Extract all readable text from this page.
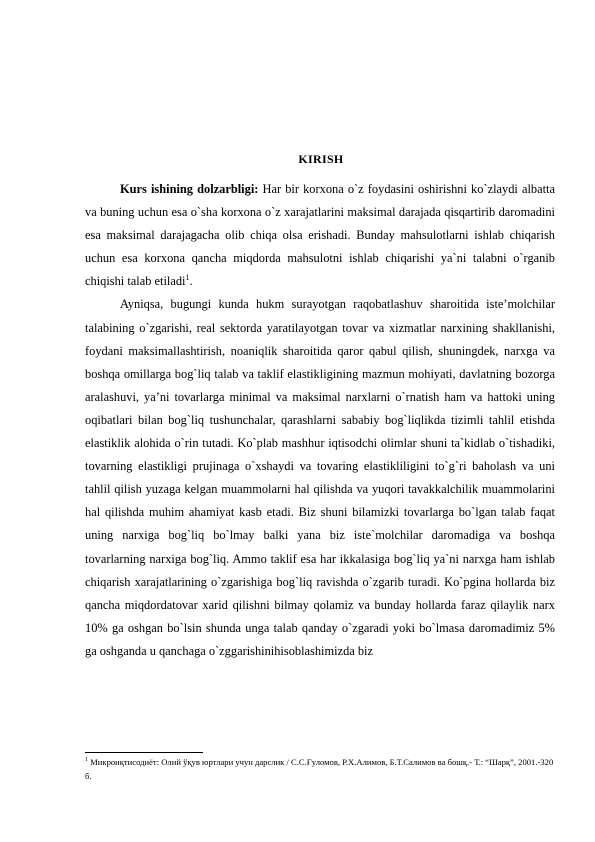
KIRISH

Kurs ishining dolzarbligi: Har bir korxona o`z foydasini oshirishni ko`zlaydi albatta va buning uchun esa o`sha korxona o`z xarajatlarini maksimal darajada qisqartirib daromadini esa maksimal darajagacha olib chiqa olsa erishadi. Bunday mahsulotlarni ishlab chiqarish uchun esa korxona qancha miqdorda mahsulotni ishlab chiqarishi ya`ni talabni o`rganib chiqishi talab etiladi$^1$.

Ayniqsa, bugungi kunda hukm surayotgan raqobatlashuv sharoitida iste’molchilar talabining o`zgarishi, real sektorda yaratilayotgan tovar va xizmatlar narxining shakllanishi, foydani maksimallashtirish, noaniqlik sharoitida qaror qabul qilish, shuningdek, narxga va boshqa omillarga bog`liq talab va taklif elastikligining mazmun mohiyati, davlatning bozorga aralashuvi, ya’ni tovarlarga minimal va maksimal narxlarni o`rnatish ham va hattoki uning oqibatlari bilan bog`liq tushunchalar, qarashlarni sababiy bog`liqlikda tizimli tahlil etishda elastiklik alohida o`rin tutadi. Ko`plab mashhur iqtisodchi olimlar shuni ta`kidlab o`tishadiki, tovarning elastikligi prujinaga o`xshaydi va tovaring elastikliligini to`g`ri baholash va uni tahlil qilish yuzaga kelgan muammolarni hal qilishda va yuqori tavakkalchilik muammolarini hal qilishda muhim ahamiyat kasb etadi. Biz shuni bilamizki tovarlarga bo`lgan talab faqat uning narxiga bog`liq bo`lmay balki yana biz iste`molchilar daromadiga va boshqa tovarlarning narxiga bog`liq. Ammo taklif esa har ikkalasiga bog`liq ya`ni narxga ham ishlab chiqarish xarajatlarining o`zgarishiga bog`liq ravishda o`zgarib turadi. Ko`pgina hollarda biz qancha miqdordatovar xarid qilishni bilmay qolamiz va bunday hollarda faraz qilaylik narx 10% ga oshgan bo`lsin shunda unga talab qanday o`zgaradi yoki bo`lmasa daromadimiz 5% ga oshganda u qanchaga o`zggarishinihisoblashimizda biz

$^1$ Микроиқтисодиёт: Олий ўқув юртлари учун дарслик / С.С.Ғуломов, Р.Х.Алимов, Б.Т.Салимов ва бошқ.- Т.: “Шарқ”, 2001.-320 б.
